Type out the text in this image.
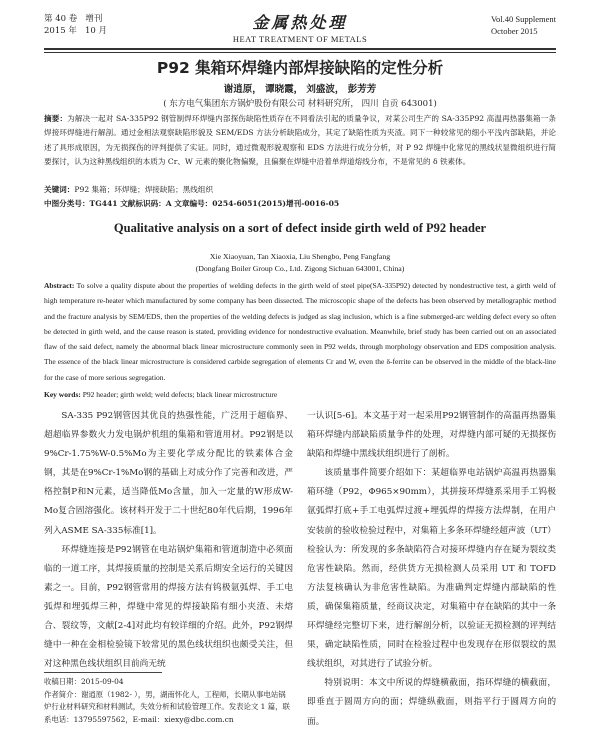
第 40 卷 增刊
2015 年 10 月	金属热处理
HEAT TREATMENT OF METALS
Vol.40 Supplement
October 2015
P92 集箱环焊缝内部焊接缺陷的定性分析
谢逍原， 谭晓霞， 刘盛波， 彭芳芳
( 东方电气集团东方锅炉股份有限公司 材料研究所， 四川 自贡 643001)
摘要：为解决一起对 SA-335P92 钢管制焊环焊缝内部探伤缺陷性质存在不同看法引起的质量争议，对某公司生产的 SA-335P92 高温再热器集箱一条焊接环焊缝进行解剖。通过金相法观察缺陷形貌及 SEM/EDS 方法分析缺陷成分，其定了缺陷性质为夹渣。同下一种较常见的细小平浅内部缺陷，并论述了具形成原因，为无损探伤的评判提供了实证。同时，通过微观形貌观察和 EDS 方法进行成分分析，对 P 92 焊缝中化常见的黑线状显微组织进行简要探讨，认为这种黑线组织的本质为 Cr、W 元素的聚化物偏聚，且偏聚在焊缝中沿着单焊道熔线分布，不是常见的 δ 铁素体。
关键词：P92 集箱；环焊缝；焊接缺陷；黑线组织
中图分类号：TG441 文献标识码：A 文章编号：0254-6051(2015)增刊-0016-05
Qualitative analysis on a sort of defect inside girth weld of P92 header
Xie Xiaoyuan, Tan Xiaoxia, Liu Shengbo, Peng Fangfang
(Dongfang Boiler Group Co., Ltd. Zigong Sichuan 643001, China)
Abstract: To solve a quality dispute about the properties of welding defects in the girth weld of steel pipe(SA-335P92) detected by nondestructive test, a girth weld of high temperature re-heater which manufactured by some company has been dissected. The microscopic shape of the defects has been observed by metallographic method and the fracture analysis by SEM/EDS, then the properties of the welding defects is judged as slag inclusion, which is a fine submerged-arc welding defect every so often be detected in girth weld, and the cause reason is stated, providing evidence for nondestructive evaluation. Meanwhile, brief study has been carried out on an associated flaw of the said defect, namely the abnormal black linear microstructure commonly seen in P92 welds, through morphology observation and EDS composition analysis. The essence of the black linear microstructure is considered carbide segregation of elements Cr and W, even the δ-ferrite can be observed in the middle of the black-line for the case of more serious segregation.
Key words: P92 header; girth weld; weld defects; black linear microstructure

SA-335 P92钢管因其优良的热强性能，广泛用于超临界、超超临界参数火力发电锅炉机组的集箱和管道用材。P92钢是以9%Cr-1.75%W-0.5%Mo为主要化学成分配比的铁素体合金钢，其是在9%Cr-1%Mo钢的基础上对成分作了完善和改进，严格控制P和N元素，适当降低Mo含量，加入一定量的W形成W-Mo复合固溶强化。该材料开发于二十世纪80年代后期，1996年列入ASME SA-335标准[1]。

环焊缝连接是P92钢管在电站锅炉集箱和管道制造中必须面临的一道工序，其焊接质量的控制是关系后期安全运行的关键因素之一。目前，P92钢管常用的焊接方法有钨极氩弧焊、手工电弧焊和埋弧焊三种，焊缝中常见的焊接缺陷有细小夹渣、未熔合、裂纹等，文献[2-4]对此均有较详细的介绍。此外，P92钢焊缝中一种在金相检验镜下较常见的黑色线状组织也颇受关注，但对这种黑色线状组织目前尚无统

一认识[5-6]。本文基于对一起采用P92钢管制作的高温再热器集箱环焊缝内部缺陷质量争件的处理，对焊缝内部可疑的无损探伤缺陷和焊缝中黑线状组织进行了剖析。

该质量事件简要介绍如下：某超临界电站锅炉高温再热器集箱环缝（P92，Φ965×90mm），其拼接环焊缝系采用手工钨极氩弧焊打底+手工电弧焊过渡+埋弧焊的焊接方法焊制，在用户安装前的验收检验过程中，对集箱上多条环焊缝经超声波（UT）检验认为：所发现的多条缺陷符合对接环焊缝内存在疑为裂纹类危害性缺陷。然而，经供货方无损检测人员采用 UT 和 TOFD 方法复核确认为非危害性缺陷。为准确判定焊缝内部缺陷的性质，确保集箱质量，经商议决定，对集箱中存在缺陷的其中一条环焊缝经完整切下来，进行解剖分析，以验证无损检测的评判结果，确定缺陷性质，同时在检验过程中也发现存在形似裂纹的黑线状组织，对其进行了试验分析。

特别说明：本文中所说的焊缝横截面，指环焊缝的横截面，即垂直于圆周方向的面；焊缝纵截面，则指平行于圆周方向的面。

收稿日期：2015-09-04
作者简介：谢逍原（1982- ），男，湖南怀化人，工程师，长期从事电站锅炉行业材料研究和材料测试，失效分析和试验管理工作。发表论文 1 篇，联系电话：13795597562，E-mail：xiexy@dbc.com.cn
